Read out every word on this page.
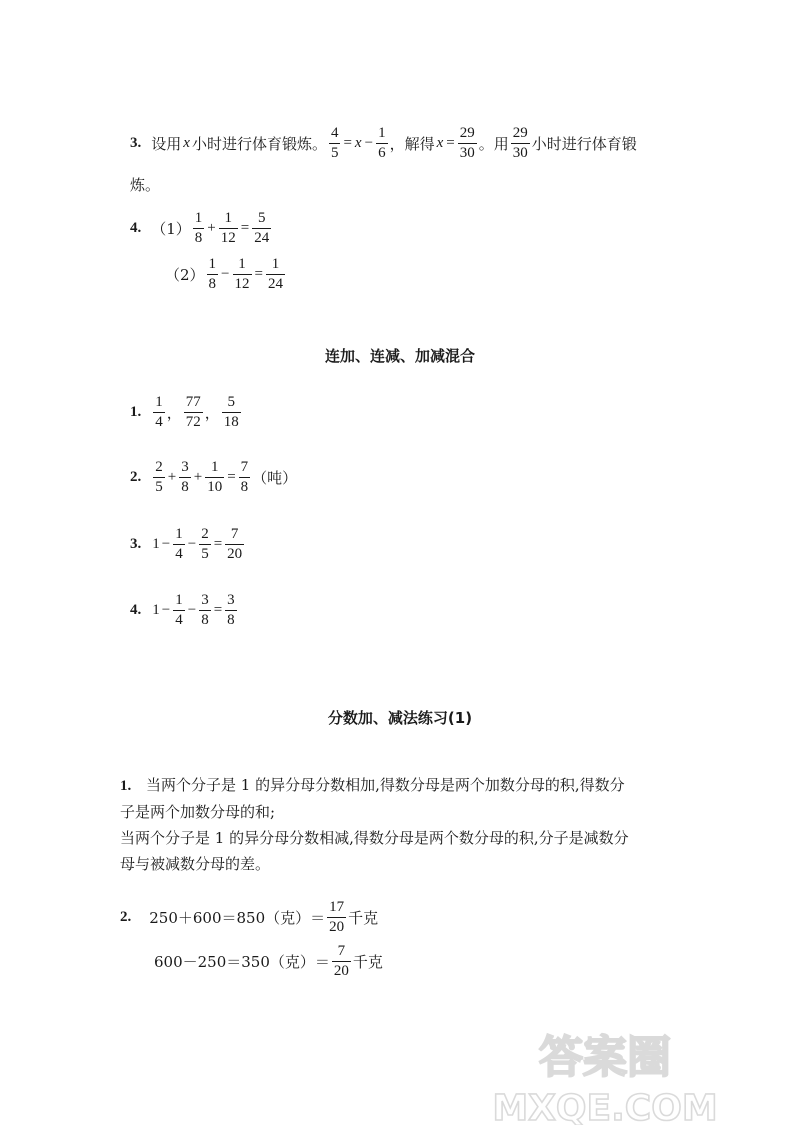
3. 设用 x 小时进行体育锻炼。 $\frac{4}{5} = x - \frac{1}{6}$ ，解得 $x = \frac{29}{30}$ 。用 $\frac{29}{30}$ 小时进行体育锻
炼。
4. $(1) \frac{1}{8} + \frac{1}{12} = \frac{5}{24}$
$(2) \frac{1}{8} - \frac{1}{12} = \frac{1}{24}$
连加、连减、加减混合
1. $\frac{1}{4}$ ， $\frac{77}{72}$ ， $\frac{5}{18}$
2. $\frac{2}{5} + \frac{3}{8} + \frac{1}{10} = \frac{7}{8}$ （吨）
3. $1 - \frac{1}{4} - \frac{2}{5} = \frac{7}{20}$
4. $1 - \frac{1}{4} - \frac{3}{8} = \frac{3}{8}$
分数加、减法练习(1)
1. 当两个分子是 1 的异分母分数相加,得数分母是两个加数分母的积,得数分
子是两个加数分母的和;
当两个分子是 1 的异分母分数相减,得数分母是两个数分母的积,分子是减数分
母与被减数分母的差。
2. 250＋600＝850（克）＝ $\frac{17}{20}$ 千克
600－250＝350（克）＝ $\frac{7}{20}$ 千克
答案圈
MXQE.COM
